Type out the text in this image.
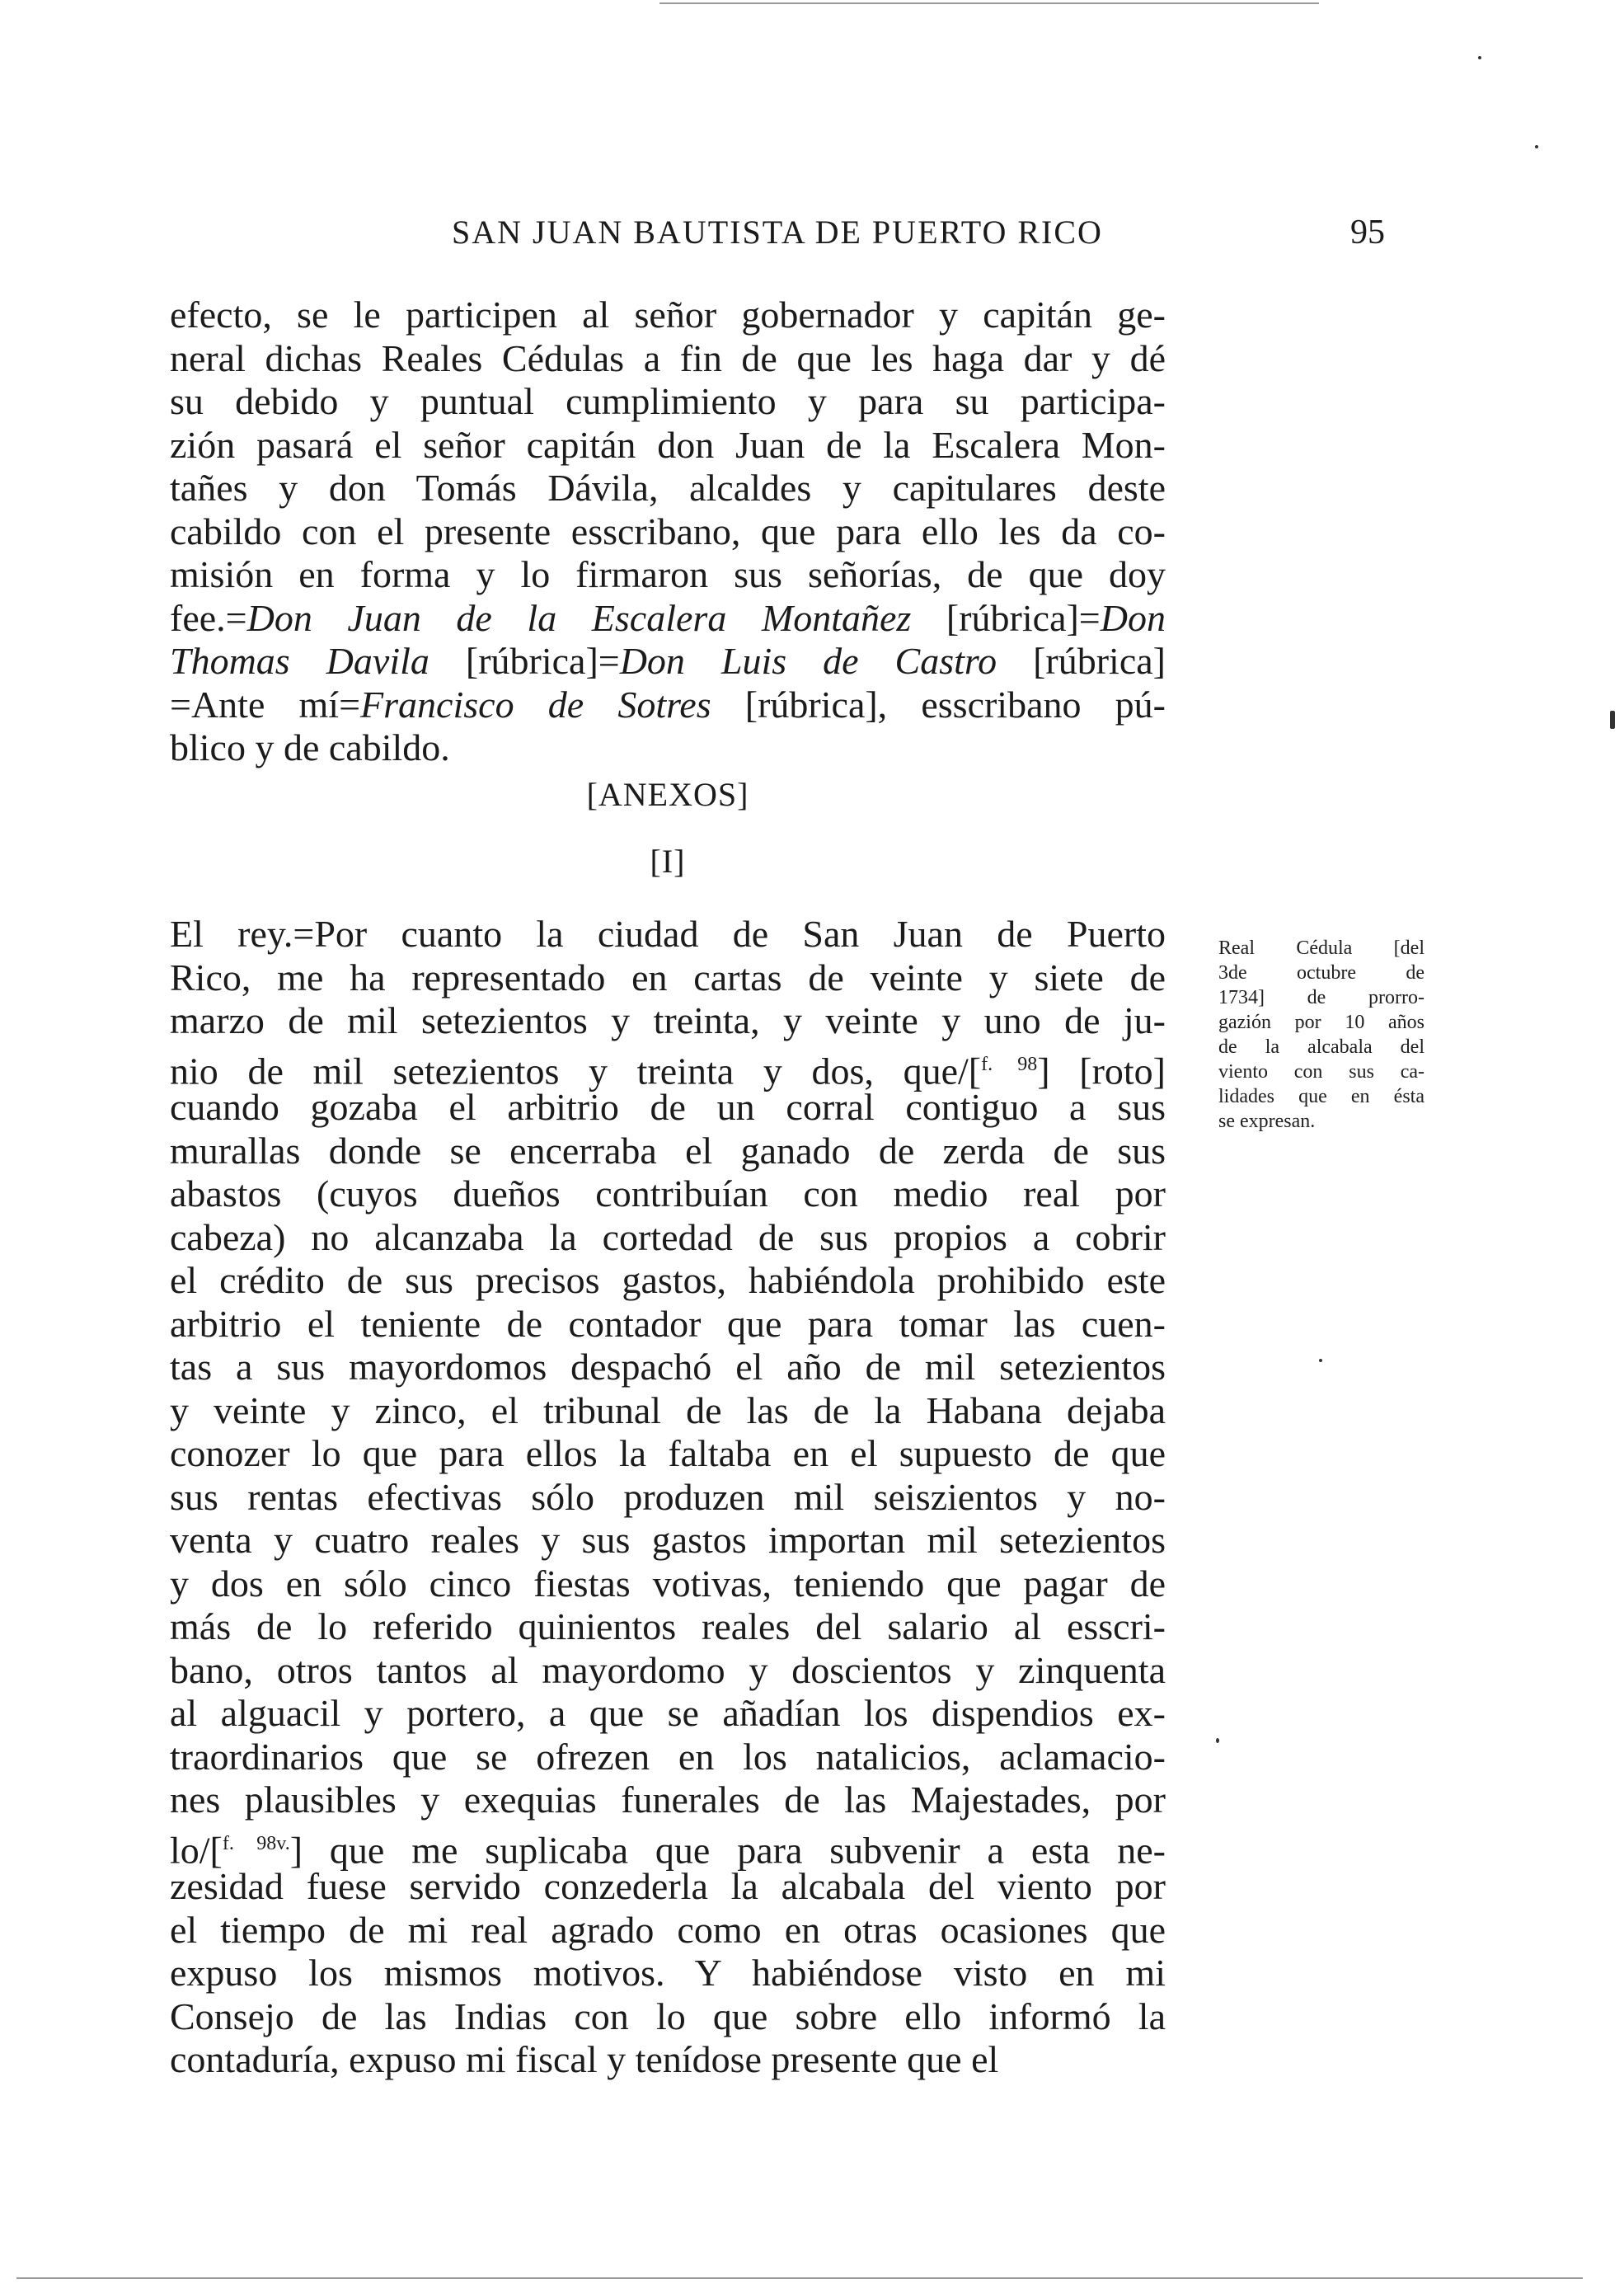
SAN JUAN BAUTISTA DE PUERTO RICO	95
efecto, se le participen al señor gobernador y capitán ge-
neral dichas Reales Cédulas a fin de que les haga dar y dé
su debido y puntual cumplimiento y para su participa-
zión pasará el señor capitán don Juan de la Escalera Mon-
tañes y don Tomás Dávila, alcaldes y capitulares deste
cabildo con el presente esscribano, que para ello les da co-
misión en forma y lo firmaron sus señorías, de que doy
fee.=Don Juan de la Escalera Montañez [rúbrica]=Don
Thomas Davila [rúbrica]=Don Luis de Castro [rúbrica]
=Ante mí=Francisco de Sotres [rúbrica], esscribano pú-
blico y de cabildo.
[ANEXOS]
[I]
El rey.=Por cuanto la ciudad de San Juan de Puerto
Rico, me ha representado en cartas de veinte y siete de
marzo de mil setezientos y treinta, y veinte y uno de ju-
nio de mil setezientos y treinta y dos, que/[$^{f. 98}$] [roto]
cuando gozaba el arbitrio de un corral contiguo a sus
murallas donde se encerraba el ganado de zerda de sus
abastos (cuyos dueños contribuían con medio real por
cabeza) no alcanzaba la cortedad de sus propios a cobrir
el crédito de sus precisos gastos, habiéndola prohibido este
arbitrio el teniente de contador que para tomar las cuen-
tas a sus mayordomos despachó el año de mil setezientos
y veinte y zinco, el tribunal de las de la Habana dejaba
conozer lo que para ellos la faltaba en el supuesto de que
sus rentas efectivas sólo produzen mil seiszientos y no-
venta y cuatro reales y sus gastos importan mil setezientos
y dos en sólo cinco fiestas votivas, teniendo que pagar de
más de lo referido quinientos reales del salario al esscri-
bano, otros tantos al mayordomo y doscientos y zinquenta
al alguacil y portero, a que se añadían los dispendios ex-
traordinarios que se ofrezen en los natalicios, aclamacio-
nes plausibles y exequias funerales de las Majestades, por
lo/[$^{f. 98v.}$] que me suplicaba que para subvenir a esta ne-
zesidad fuese servido conzederla la alcabala del viento por
el tiempo de mi real agrado como en otras ocasiones que
expuso los mismos motivos. Y habiéndose visto en mi
Consejo de las Indias con lo que sobre ello informó la
contaduría, expuso mi fiscal y tenídose presente que el
Real Cédula [del
3de octubre de
1734] de prorro-
gazión por 10 años
de la alcabala del
viento con sus ca-
lidades que en ésta
se expresan.
